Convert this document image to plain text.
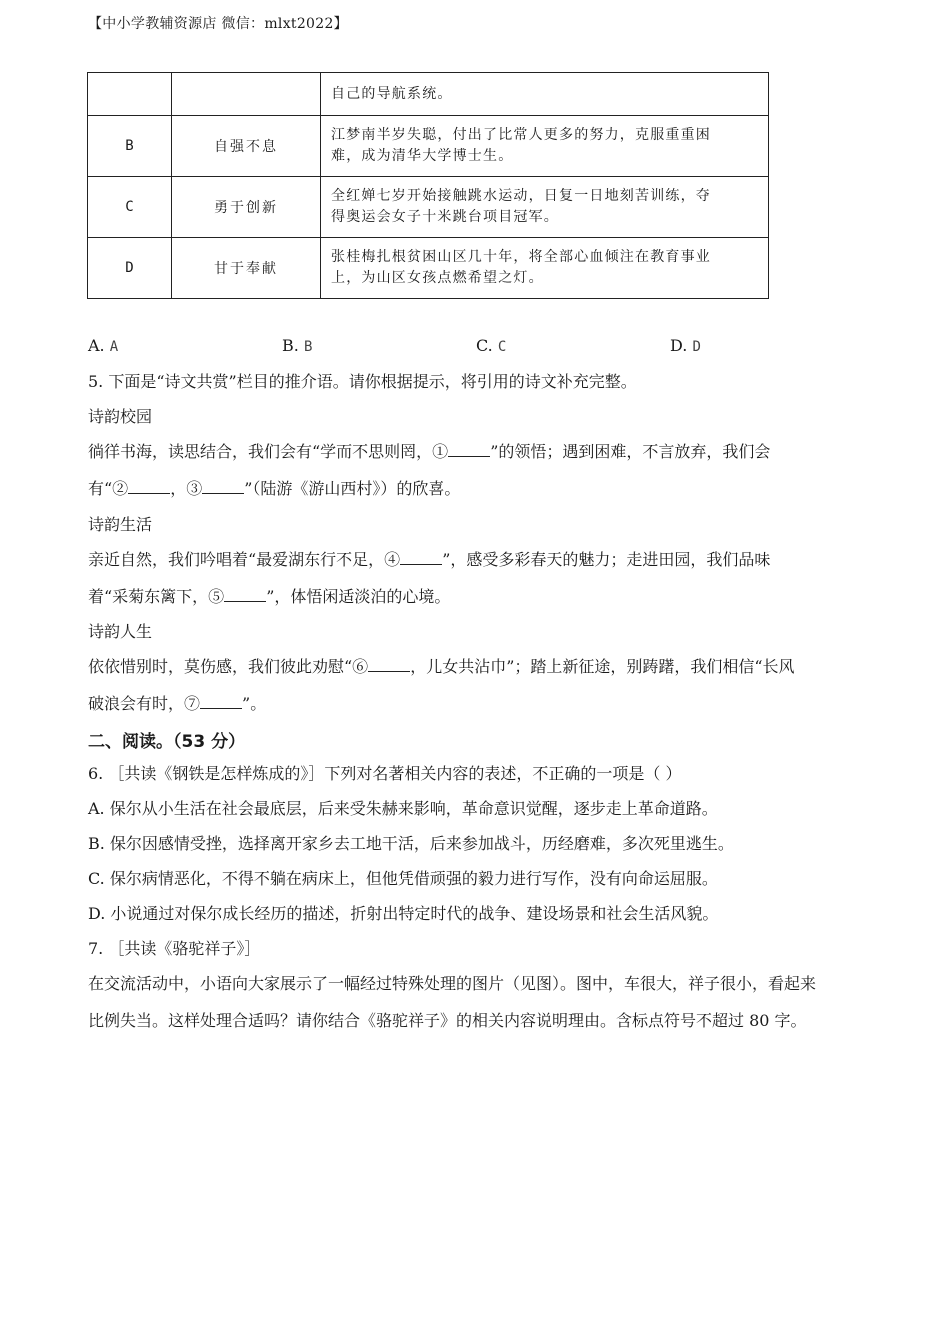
【中小学教辅资源店 微信：mlxt2022】

		自己的导航系统。

B	自强不息	江梦南半岁失聪，付出了比常人更多的努力，克服重重困
难，成为清华大学博士生。

C	勇于创新	全红婵七岁开始接触跳水运动，日复一日地刻苦训练，夺
得奥运会女子十米跳台项目冠军。

D	甘于奉献	张桂梅扎根贫困山区几十年，将全部心血倾注在教育事业
上，为山区女孩点燃希望之灯。
A. A	B. B	C. C	D. D
5. 下面是“诗文共赏”栏目的推介语。请你根据提示，将引用的诗文补充完整。
诗韵校园
徜徉书海，读思结合，我们会有“学而不思则罔，①	”的领悟；遇到困难，不言放弃，我们会
有“②	，③	”（陆游《游山西村》）的欣喜。
诗韵生活
亲近自然，我们吟唱着“最爱湖东行不足，④	”，感受多彩春天的魅力；走进田园，我们品味
着“采菊东篱下，⑤	”，体悟闲适淡泊的心境。
诗韵人生
依依惜别时，莫伤感，我们彼此劝慰“⑥	，儿女共沾巾”；踏上新征途，别踌躇，我们相信“长风
破浪会有时，⑦	”。
二、阅读。（53 分）
6. ［共读《钢铁是怎样炼成的》］下列对名著相关内容的表述，不正确的一项是（ ）
A. 保尔从小生活在社会最底层，后来受朱赫来影响，革命意识觉醒，逐步走上革命道路。
B. 保尔因感情受挫，选择离开家乡去工地干活，后来参加战斗，历经磨难，多次死里逃生。
C. 保尔病情恶化，不得不躺在病床上，但他凭借顽强的毅力进行写作，没有向命运屈服。
D. 小说通过对保尔成长经历的描述，折射出特定时代的战争、建设场景和社会生活风貌。
7. ［共读《骆驼祥子》］
在交流活动中，小语向大家展示了一幅经过特殊处理的图片（见图）。图中，车很大，祥子很小，看起来
比例失当。这样处理合适吗？请你结合《骆驼祥子》的相关内容说明理由。含标点符号不超过 80 字。
